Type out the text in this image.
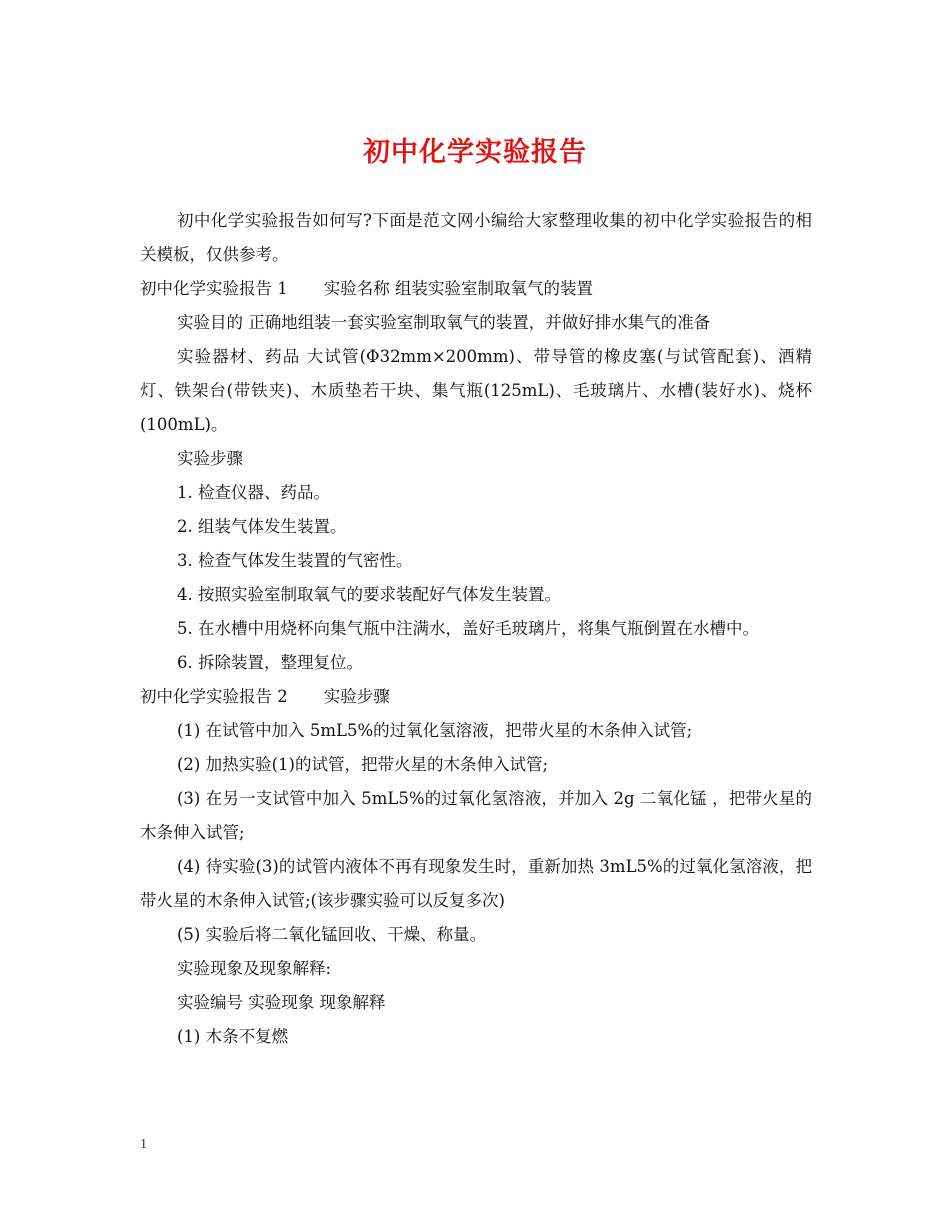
初中化学实验报告

初中化学实验报告如何写?下面是范文网小编给大家整理收集的初中化学实验报告的相关模板，仅供参考。

初中化学实验报告 1 实验名称 组装实验室制取氧气的装置

实验目的 正确地组装一套实验室制取氧气的装置，并做好排水集气的准备

实验器材、药品 大试管(Φ32mm×200mm)、带导管的橡皮塞(与试管配套)、酒精灯、铁架台(带铁夹)、木质垫若干块、集气瓶(125mL)、毛玻璃片、水槽(装好水)、烧杯(100mL)。

实验步骤

1. 检查仪器、药品。

2. 组装气体发生装置。

3. 检查气体发生装置的气密性。

4. 按照实验室制取氧气的要求装配好气体发生装置。

5. 在水槽中用烧杯向集气瓶中注满水，盖好毛玻璃片，将集气瓶倒置在水槽中。

6. 拆除装置，整理复位。

初中化学实验报告 2 实验步骤

(1) 在试管中加入 5mL5%的过氧化氢溶液，把带火星的木条伸入试管;

(2) 加热实验(1)的试管，把带火星的木条伸入试管;

(3) 在另一支试管中加入 5mL5%的过氧化氢溶液，并加入 2g 二氧化锰 ，把带火星的木条伸入试管;

(4) 待实验(3)的试管内液体不再有现象发生时，重新加热 3mL5%的过氧化氢溶液，把带火星的木条伸入试管;(该步骤实验可以反复多次)

(5) 实验后将二氧化锰回收、干燥、称量。

实验现象及现象解释:

实验编号 实验现象 现象解释

(1) 木条不复燃

1
